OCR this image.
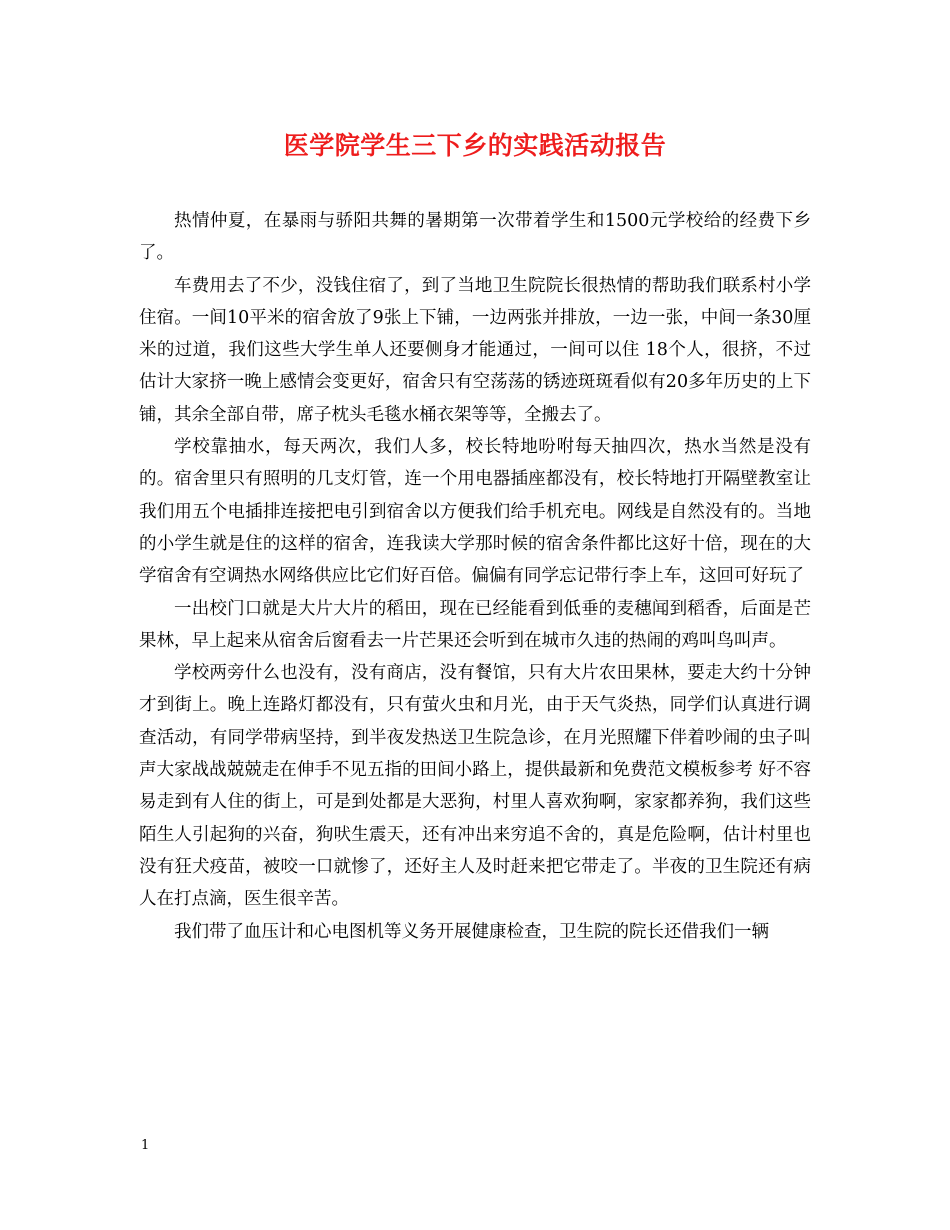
医学院学生三下乡的实践活动报告

热情仲夏，在暴雨与骄阳共舞的暑期第一次带着学生和1500元学校给的经费下乡了。

车费用去了不少，没钱住宿了，到了当地卫生院院长很热情的帮助我们联系村小学住宿。一间10平米的宿舍放了9张上下铺，一边两张并排放，一边一张，中间一条30厘米的过道，我们这些大学生单人还要侧身才能通过，一间可以住 18个人，很挤，不过估计大家挤一晚上感情会变更好，宿舍只有空荡荡的锈迹斑斑看似有20多年历史的上下铺，其余全部自带，席子枕头毛毯水桶衣架等等，全搬去了。

学校靠抽水，每天两次，我们人多，校长特地吩咐每天抽四次，热水当然是没有的。宿舍里只有照明的几支灯管，连一个用电器插座都没有，校长特地打开隔壁教室让我们用五个电插排连接把电引到宿舍以方便我们给手机充电。网线是自然没有的。当地的小学生就是住的这样的宿舍，连我读大学那时候的宿舍条件都比这好十倍，现在的大学宿舍有空调热水网络供应比它们好百倍。偏偏有同学忘记带行李上车，这回可好玩了

一出校门口就是大片大片的稻田，现在已经能看到低垂的麦穗闻到稻香，后面是芒果林，早上起来从宿舍后窗看去一片芒果还会听到在城市久违的热闹的鸡叫鸟叫声。

学校两旁什么也没有，没有商店，没有餐馆，只有大片农田果林，要走大约十分钟才到街上。晚上连路灯都没有，只有萤火虫和月光，由于天气炎热，同学们认真进行调查活动，有同学带病坚持，到半夜发热送卫生院急诊，在月光照耀下伴着吵闹的虫子叫声大家战战兢兢走在伸手不见五指的田间小路上，提供最新和免费范文模板参考 好不容易走到有人住的街上，可是到处都是大恶狗，村里人喜欢狗啊，家家都养狗，我们这些陌生人引起狗的兴奋，狗吠生震天，还有冲出来穷追不舍的，真是危险啊，估计村里也没有狂犬疫苗，被咬一口就惨了，还好主人及时赶来把它带走了。半夜的卫生院还有病人在打点滴，医生很辛苦。

我们带了血压计和心电图机等义务开展健康检查，卫生院的院长还借我们一辆

1
